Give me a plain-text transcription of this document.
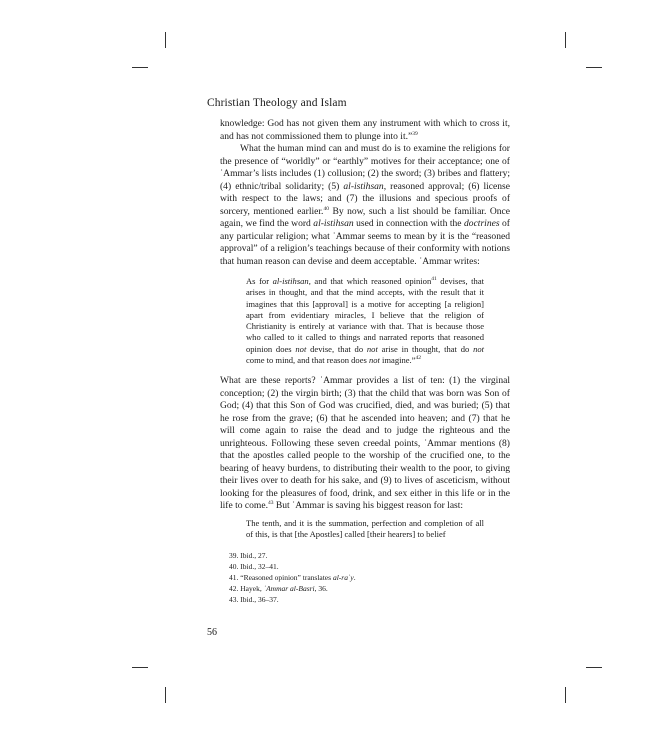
Christian Theology and Islam

knowledge: God has not given them any instrument with which to cross it, and has not commissioned them to plunge into it.”$^{39}$

What the human mind can and must do is to examine the religions for the presence of “worldly” or “earthly” motives for their acceptance; one of ʿAmmar’s lists includes (1) collusion; (2) the sword; (3) bribes and flattery; (4) ethnic/tribal solidarity; (5) al-istihsan, reasoned approval; (6) license with respect to the laws; and (7) the illusions and specious proofs of sorcery, mentioned earlier.$^{40}$ By now, such a list should be familiar. Once again, we find the word al-istihsan used in connection with the doctrines of any particular religion; what ʿAmmar seems to mean by it is the “reasoned approval” of a religion’s teachings because of their conformity with notions that human reason can devise and deem acceptable. ʿAmmar writes:

As for al-istihsan, and that which reasoned opinion$^{41}$ devises, that arises in thought, and that the mind accepts, with the result that it imagines that this [approval] is a motive for accepting [a religion] apart from evidentiary miracles, I believe that the religion of Christianity is entirely at variance with that. That is because those who called to it called to things and narrated reports that reasoned opinion does not devise, that do not arise in thought, that do not come to mind, and that reason does not imagine.”$^{42}$

What are these reports? ʿAmmar provides a list of ten: (1) the virginal conception; (2) the virgin birth; (3) that the child that was born was Son of God; (4) that this Son of God was crucified, died, and was buried; (5) that he rose from the grave; (6) that he ascended into heaven; and (7) that he will come again to raise the dead and to judge the righteous and the unrighteous. Following these seven creedal points, ʿAmmar mentions (8) that the apostles called people to the worship of the crucified one, to the bearing of heavy burdens, to distributing their wealth to the poor, to giving their lives over to death for his sake, and (9) to lives of asceticism, without looking for the pleasures of food, drink, and sex either in this life or in the life to come.$^{43}$ But ʿAmmar is saving his biggest reason for last:

The tenth, and it is the summation, perfection and completion of all of this, is that [the Apostles] called [their hearers] to belief

39. Ibid., 27.
40. Ibid., 32–41.
41. “Reasoned opinion” translates al-raʾy.
42. Hayek, ʿAmmar al-Basri, 36.
43. Ibid., 36–37.
56
